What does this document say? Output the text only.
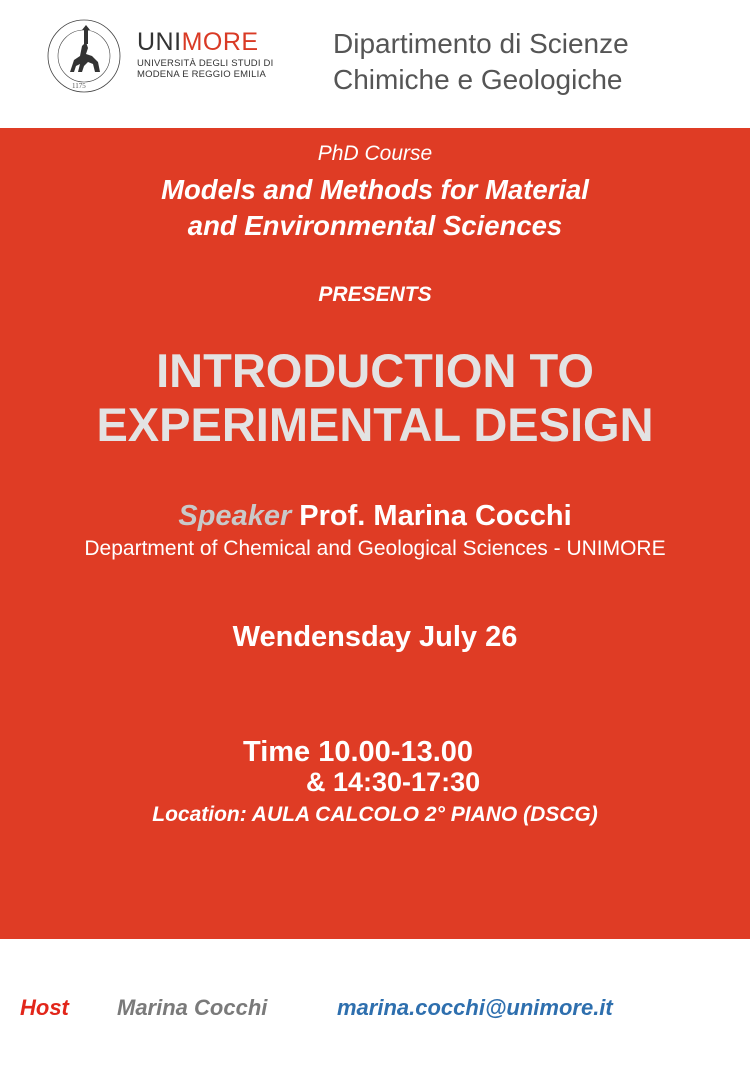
1175
UNIMORE
UNIVERSITÀ DEGLI STUDI DI
MODENA E REGGIO EMILIA
Dipartimento di Scienze
Chimiche e Geologiche

PhD Course

Models and Methods for Material
and Environmental Sciences

PRESENTS

INTRODUCTION TO
EXPERIMENTAL DESIGN
Speaker Prof. Marina Cocchi

Department of Chemical and Geological Sciences - UNIMORE

Wendensday July 26

Time 10.00-13.00

& 14:30-17:30

Location: AULA CALCOLO 2° PIANO (DSCG)

Host Marina Cocchi	marina.cocchi@unimore.it
